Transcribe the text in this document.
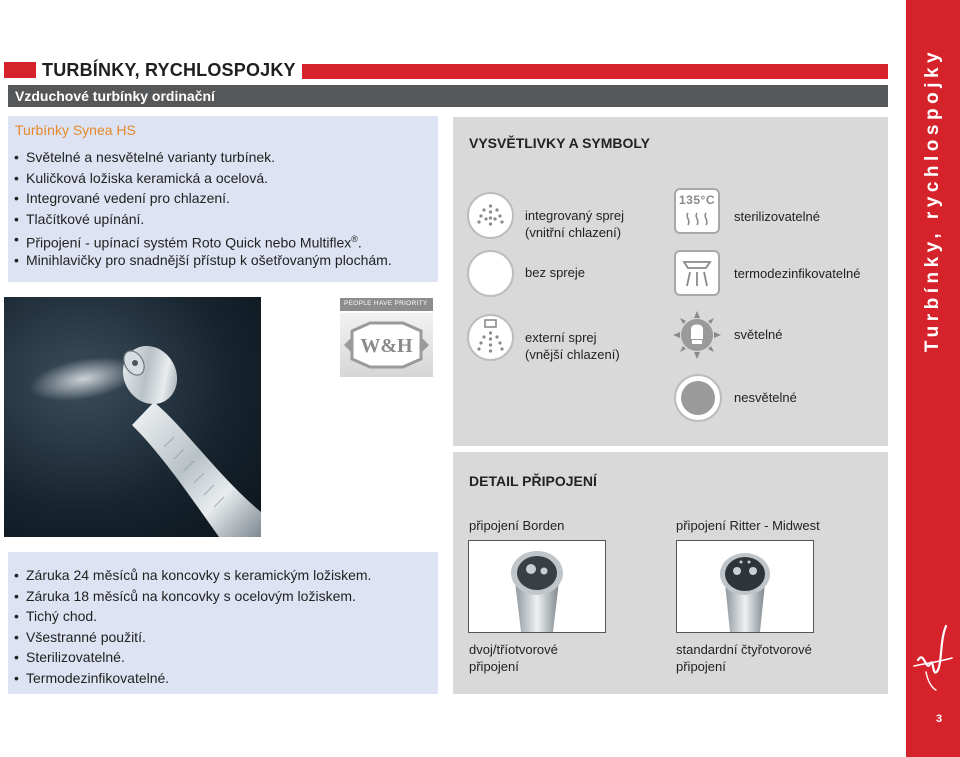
TURBÍNKY, RYCHLOSPOJKY
Vzduchové turbínky ordinační	Turbínky, rychlospojky
3
Turbínky Synea HS
• Světelné a nesvětelné varianty turbínek.
• Kuličková ložiska keramická a ocelová.
• Integrované vedení pro chlazení.
• Tlačítkové upínání.
• Připojení - upínací systém Roto Quick nebo Multiflex®.
• Minihlavičky pro snadnější přístup k ošetřovaným plochám.
PEOPLE HAVE PRIORITY
W&H
• Záruka 24 měsíců na koncovky s keramickým ložiskem.
• Záruka 18 měsíců na koncovky s ocelovým ložiskem.
• Tichý chod.
• Všestranné použití.
• Sterilizovatelné.
• Termodezinfikovatelné.
VYSVĚTLIVKY A SYMBOLY
integrovaný sprej
(vnitřní chlazení)
bez spreje
externí sprej
(vnější chlazení)
135°C
sterilizovatelné
termodezinfikovatelné
světelné
nesvětelné
DETAIL PŘIPOJENÍ
připojení Borden
dvoj/tříotvorové
připojení
připojení Ritter - Midwest
standardní čtyřotvorové
připojení
